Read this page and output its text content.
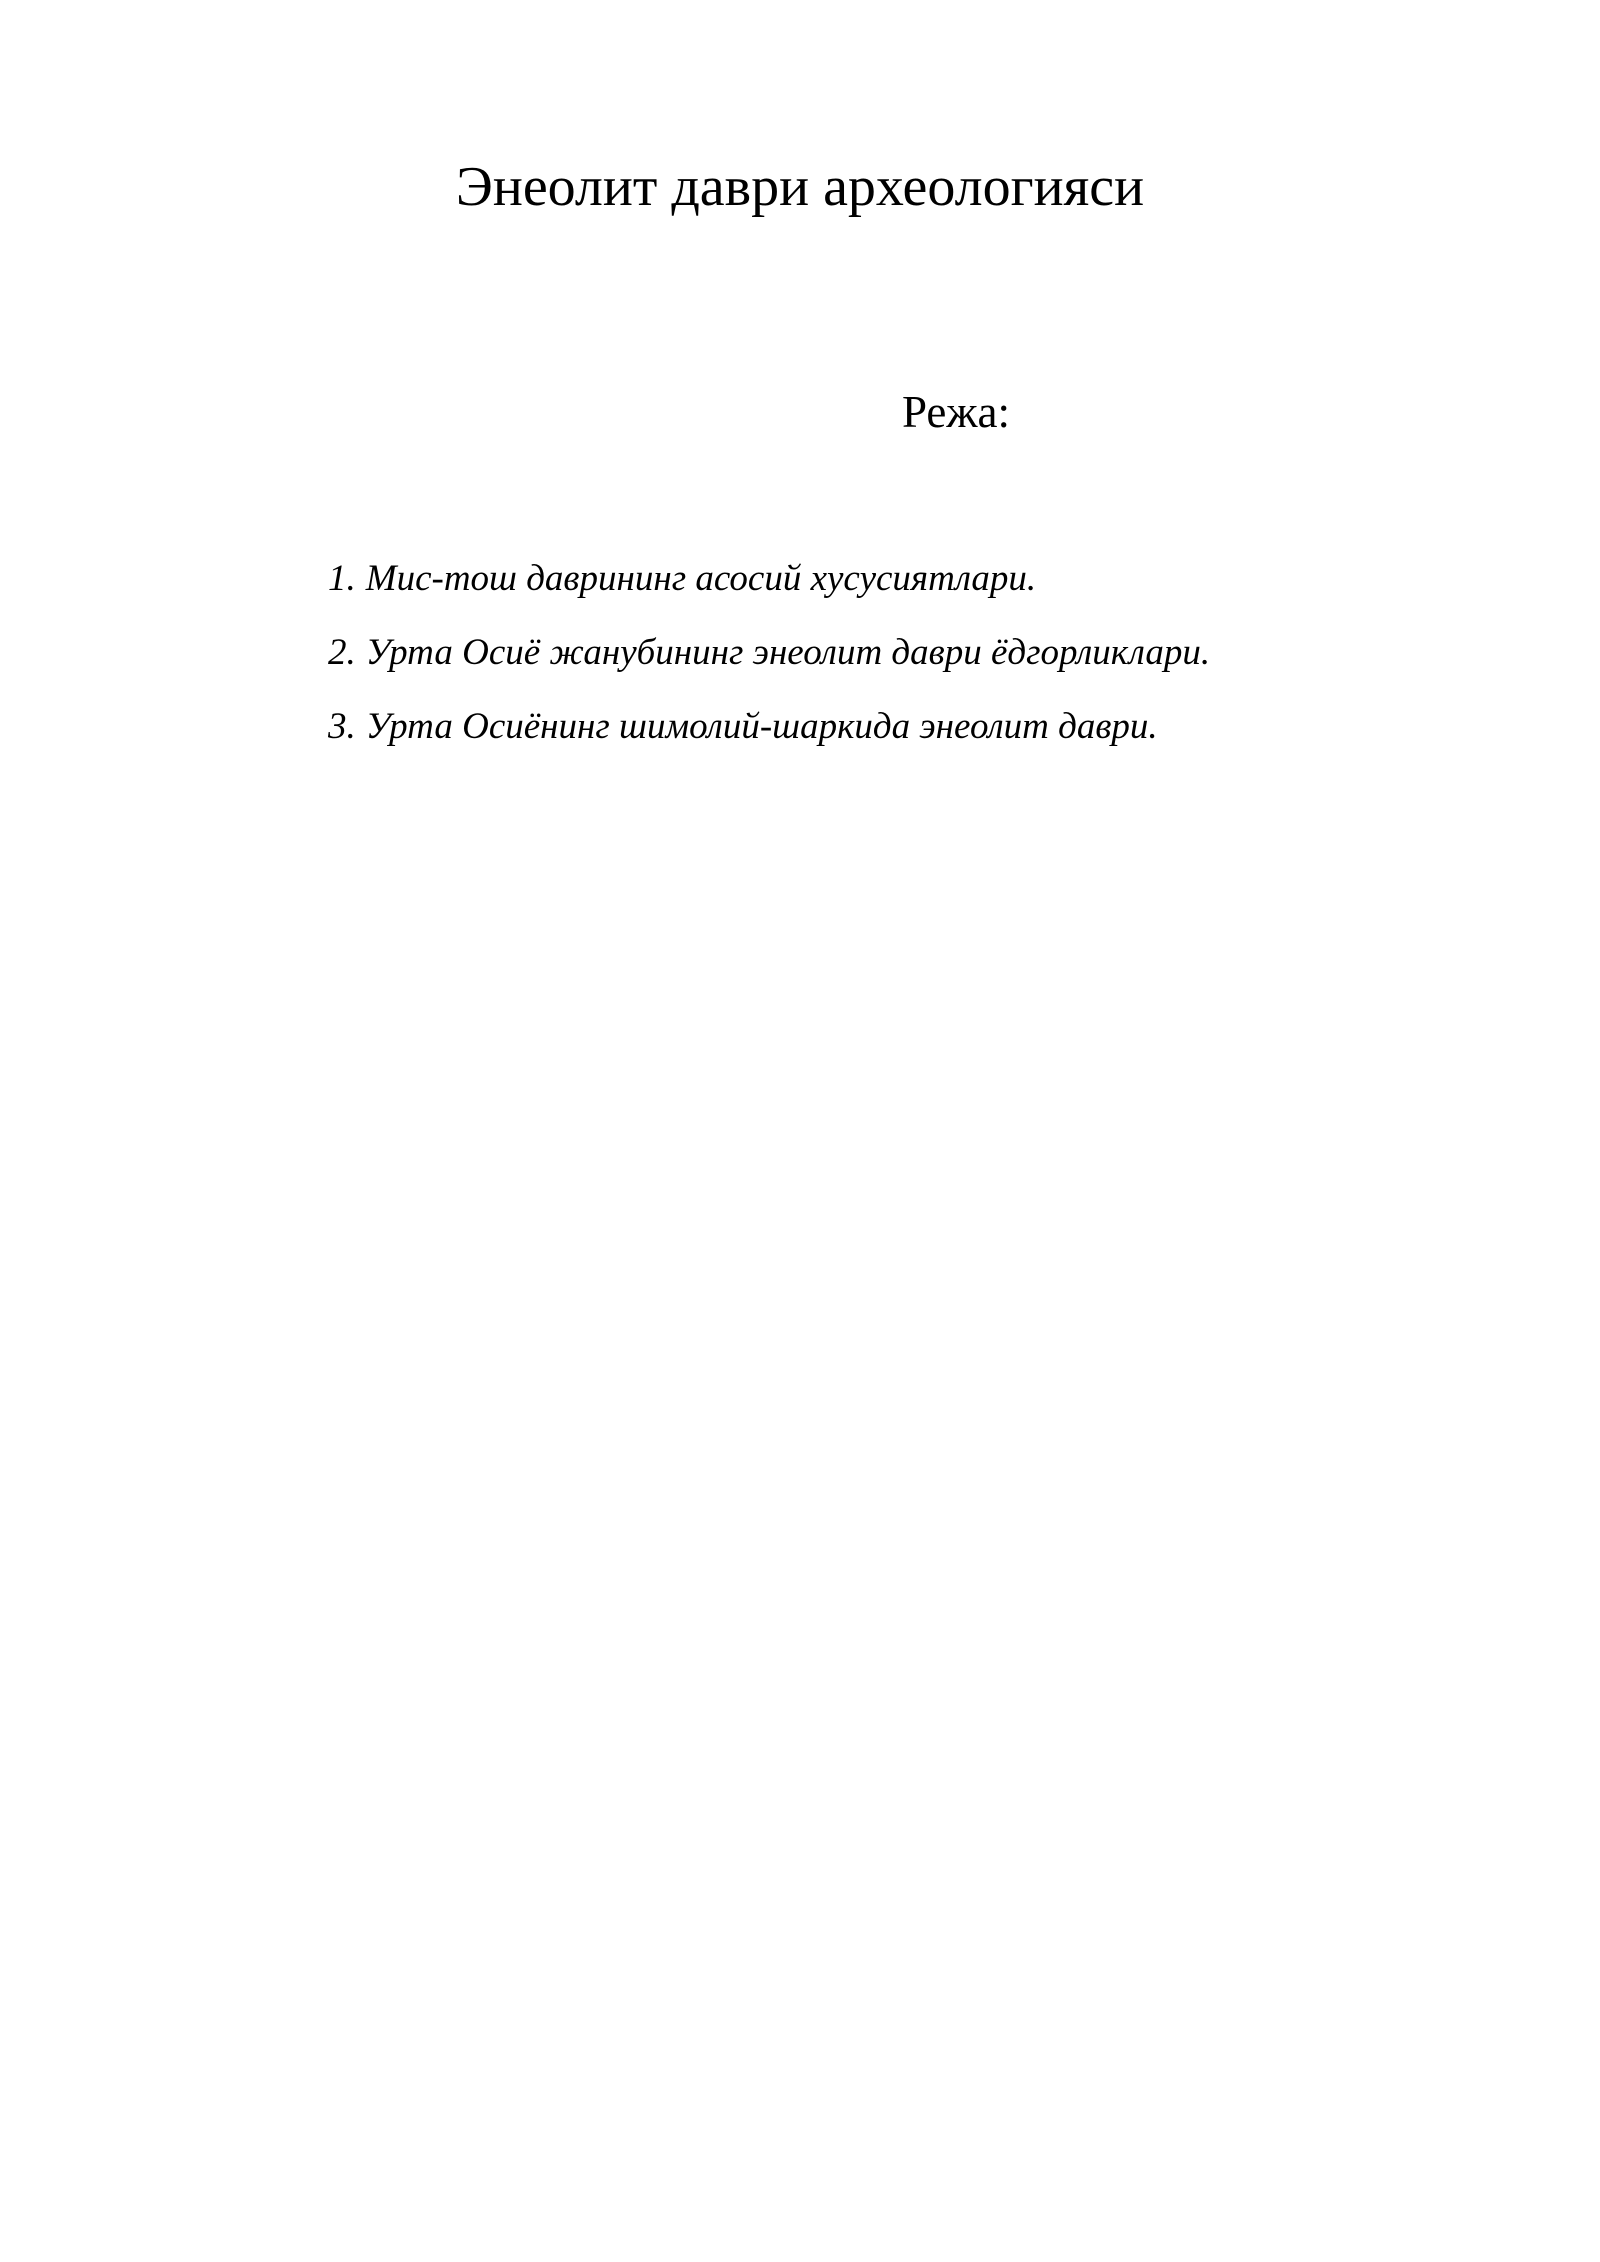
Энеолит даври археологияси

Режа:

1. Мис-тош даврининг асосий хусусиятлари.
2. Урта Осиё жанубининг энеолит даври ёдгорликлари.
3. Урта Осиёнинг шимолий-шаркида энеолит даври.
